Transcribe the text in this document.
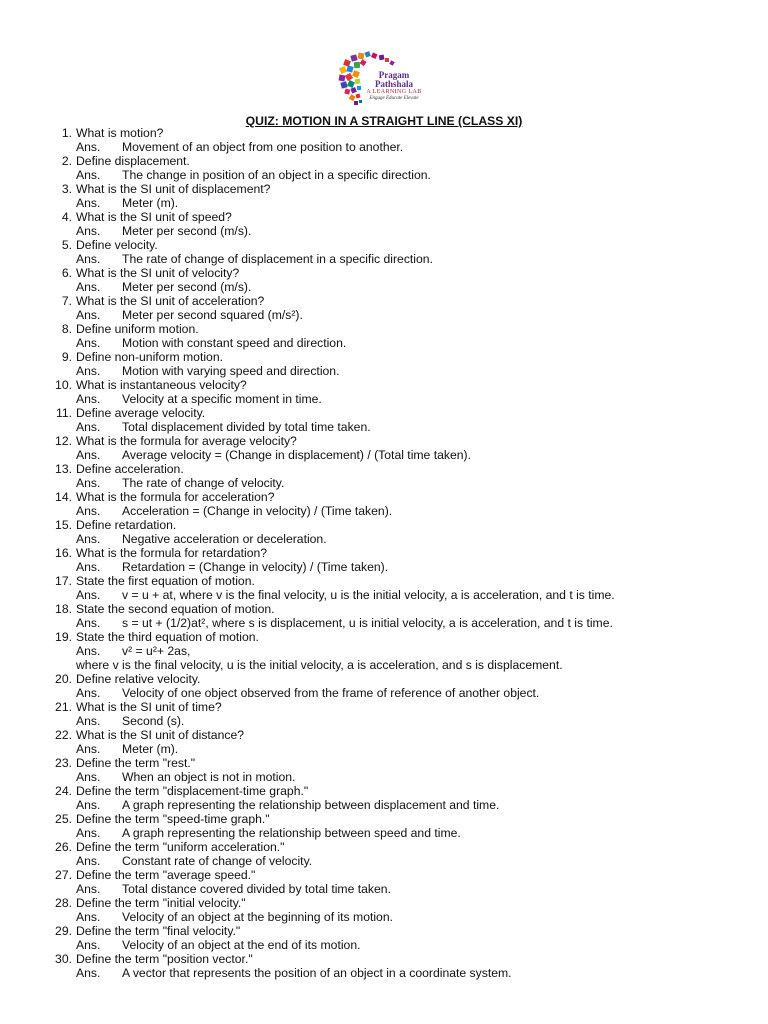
Pragam
Pathshala
A LEARNING LAB
Engage Educate Elevate
QUIZ: MOTION IN A STRAIGHT LINE (CLASS XI)
1. What is motion?
Ans. Movement of an object from one position to another.
2. Define displacement.
Ans. The change in position of an object in a specific direction.
3. What is the SI unit of displacement?
Ans. Meter (m).
4. What is the SI unit of speed?
Ans. Meter per second (m/s).
5. Define velocity.
Ans. The rate of change of displacement in a specific direction.
6. What is the SI unit of velocity?
Ans. Meter per second (m/s).
7. What is the SI unit of acceleration?
Ans. Meter per second squared (m/s²).
8. Define uniform motion.
Ans. Motion with constant speed and direction.
9. Define non-uniform motion.
Ans. Motion with varying speed and direction.
10. What is instantaneous velocity?
Ans. Velocity at a specific moment in time.
11. Define average velocity.
Ans. Total displacement divided by total time taken.
12. What is the formula for average velocity?
Ans. Average velocity = (Change in displacement) / (Total time taken).
13. Define acceleration.
Ans. The rate of change of velocity.
14. What is the formula for acceleration?
Ans. Acceleration = (Change in velocity) / (Time taken).
15. Define retardation.
Ans. Negative acceleration or deceleration.
16. What is the formula for retardation?
Ans. Retardation = (Change in velocity) / (Time taken).
17. State the first equation of motion.
Ans. v = u + at, where v is the final velocity, u is the initial velocity, a is acceleration, and t is time.
18. State the second equation of motion.
Ans. s = ut + (1/2)at², where s is displacement, u is initial velocity, a is acceleration, and t is time.
19. State the third equation of motion.
Ans. v² = u²+ 2as,
where v is the final velocity, u is the initial velocity, a is acceleration, and s is displacement.
20. Define relative velocity.
Ans. Velocity of one object observed from the frame of reference of another object.
21. What is the SI unit of time?
Ans. Second (s).
22. What is the SI unit of distance?
Ans. Meter (m).
23. Define the term "rest."
Ans. When an object is not in motion.
24. Define the term "displacement-time graph."
Ans. A graph representing the relationship between displacement and time.
25. Define the term "speed-time graph."
Ans. A graph representing the relationship between speed and time.
26. Define the term "uniform acceleration."
Ans. Constant rate of change of velocity.
27. Define the term "average speed."
Ans. Total distance covered divided by total time taken.
28. Define the term "initial velocity."
Ans. Velocity of an object at the beginning of its motion.
29. Define the term "final velocity."
Ans. Velocity of an object at the end of its motion.
30. Define the term "position vector."
Ans. A vector that represents the position of an object in a coordinate system.
